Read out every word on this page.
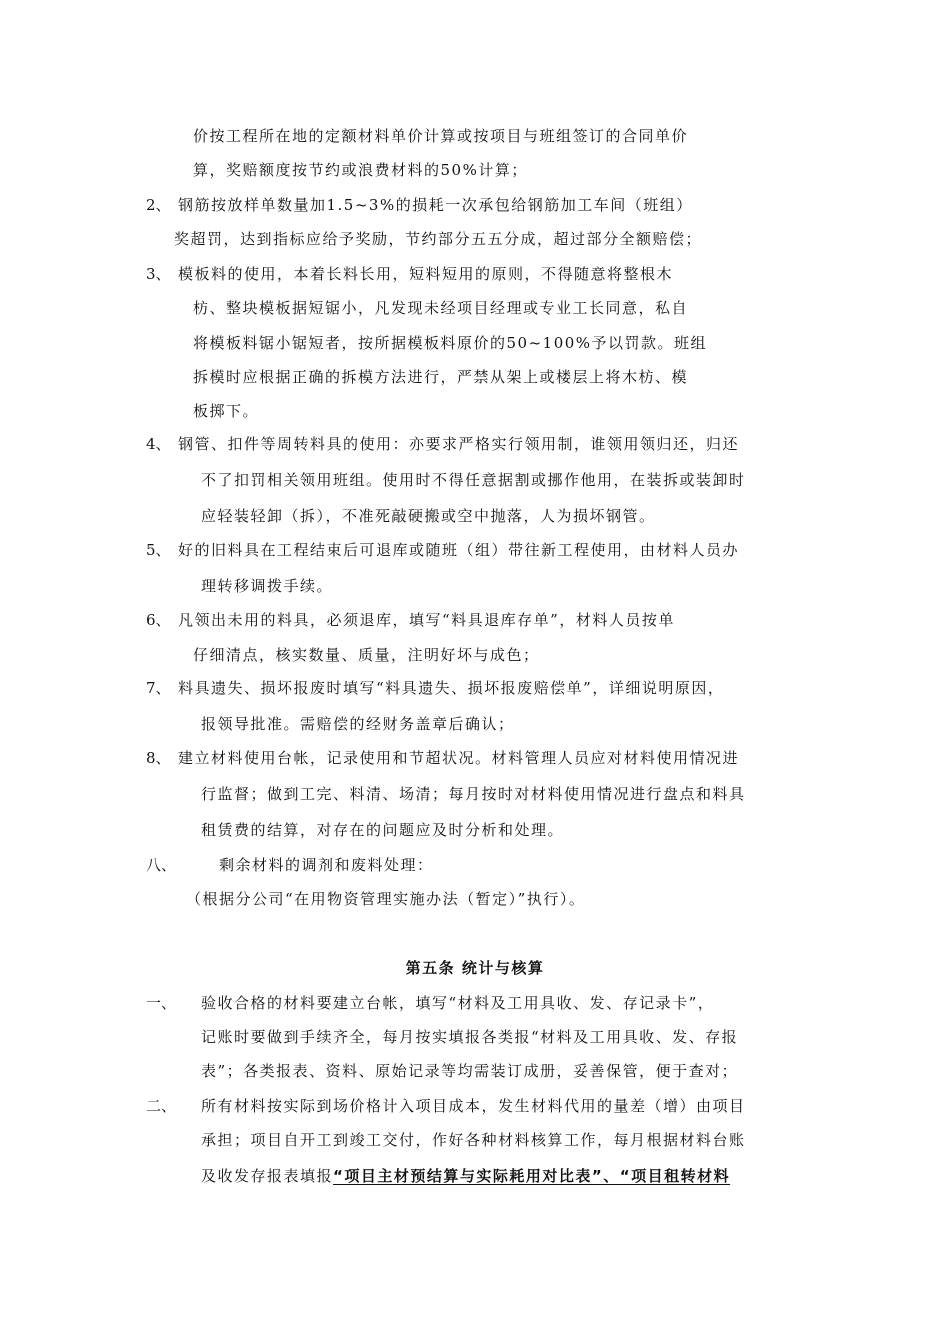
价按工程所在地的定额材料单价计算或按项目与班组签订的合同单价
算，奖赔额度按节约或浪费材料的50%计算；
2、 钢筋按放样单数量加1.5~3%的损耗一次承包给钢筋加工车间（班组）
奖超罚，达到指标应给予奖励，节约部分五五分成，超过部分全额赔偿；
3、 模板料的使用，本着长料长用，短料短用的原则，不得随意将整根木
枋、整块模板据短锯小，凡发现未经项目经理或专业工长同意，私自
将模板料锯小锯短者，按所据模板料原价的50~100%予以罚款。班组
拆模时应根据正确的拆模方法进行，严禁从架上或楼层上将木枋、模
板掷下。
4、 钢管、扣件等周转料具的使用：亦要求严格实行领用制，谁领用领归还，归还
不了扣罚相关领用班组。使用时不得任意据割或挪作他用，在装拆或装卸时
应轻装轻卸（拆），不准死敲硬搬或空中抛落，人为损坏钢管。
5、 好的旧料具在工程结束后可退库或随班（组）带往新工程使用，由材料人员办
理转移调拨手续。
6、 凡领出未用的料具，必须退库，填写“料具退库存单”，材料人员按单
仔细清点，核实数量、质量，注明好坏与成色；
7、 料具遗失、损坏报废时填写“料具遗失、损坏报废赔偿单”，详细说明原因，
报领导批准。需赔偿的经财务盖章后确认；
8、 建立材料使用台帐，记录使用和节超状况。材料管理人员应对材料使用情况进
行监督；做到工完、料清、场清；每月按时对材料使用情况进行盘点和料具
租赁费的结算，对存在的问题应及时分析和处理。
八、	剩余材料的调剂和废料处理：
（根据分公司“在用物资管理实施办法（暂定）”执行）。
第五条 统计与核算
一、 验收合格的材料要建立台帐，填写“材料及工用具收、发、存记录卡”，
记账时要做到手续齐全，每月按实填报各类报“材料及工用具收、发、存报
表”；各类报表、资料、原始记录等均需装订成册，妥善保管，便于查对；
二、 所有材料按实际到场价格计入项目成本，发生材料代用的量差（增）由项目
承担；项目自开工到竣工交付，作好各种材料核算工作，每月根据材料台账
及收发存报表填报“项目主材预结算与实际耗用对比表”、“项目租转材料
